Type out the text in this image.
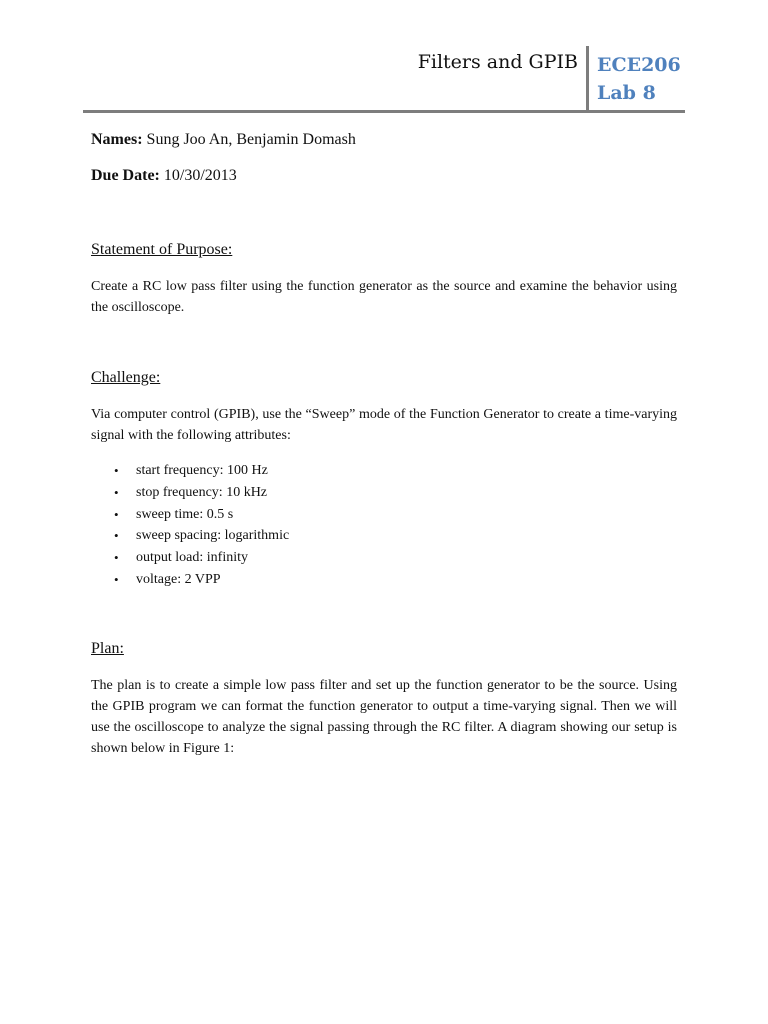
Filters and GPIB ECE206
Lab 8
Names: Sung Joo An, Benjamin Domash
Due Date: 10/30/2013
Statement of Purpose:
Create a RC low pass filter using the function generator as the source and examine the behavior using the oscilloscope.
Challenge:
Via computer control (GPIB), use the “Sweep” mode of the Function Generator to create a time-varying signal with the following attributes:
• start frequency: 100 Hz
• stop frequency: 10 kHz
• sweep time: 0.5 s
• sweep spacing: logarithmic
• output load: infinity
• voltage: 2 VPP
Plan:
The plan is to create a simple low pass filter and set up the function generator to be the source. Using the GPIB program we can format the function generator to output a time-varying signal. Then we will use the oscilloscope to analyze the signal passing through the RC filter. A diagram showing our setup is shown below in Figure 1:
